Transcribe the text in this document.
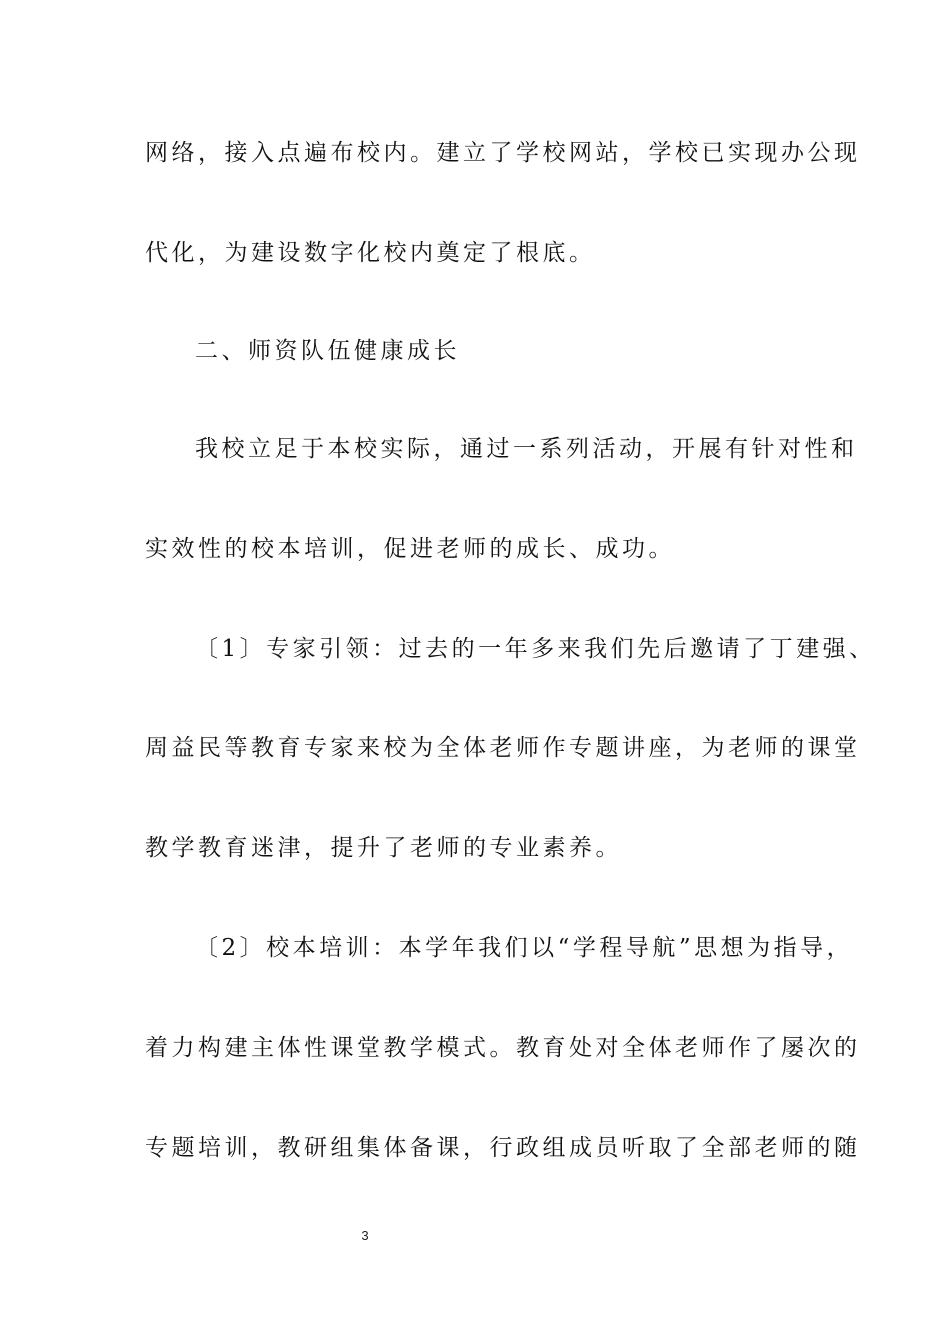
网络，接入点遍布校内。建立了学校网站，学校已实现办公现
代化，为建设数字化校内奠定了根底。
二、师资队伍健康成长
我校立足于本校实际，通过一系列活动，开展有针对性和
实效性的校本培训，促进老师的成长、成功。
〔1〕专家引领：过去的一年多来我们先后邀请了丁建强、
周益民等教育专家来校为全体老师作专题讲座，为老师的课堂
教学教育迷津，提升了老师的专业素养。
〔2〕校本培训：本学年我们以“学程导航”思想为指导，
着力构建主体性课堂教学模式。教育处对全体老师作了屡次的
专题培训，教研组集体备课，行政组成员听取了全部老师的随
3
